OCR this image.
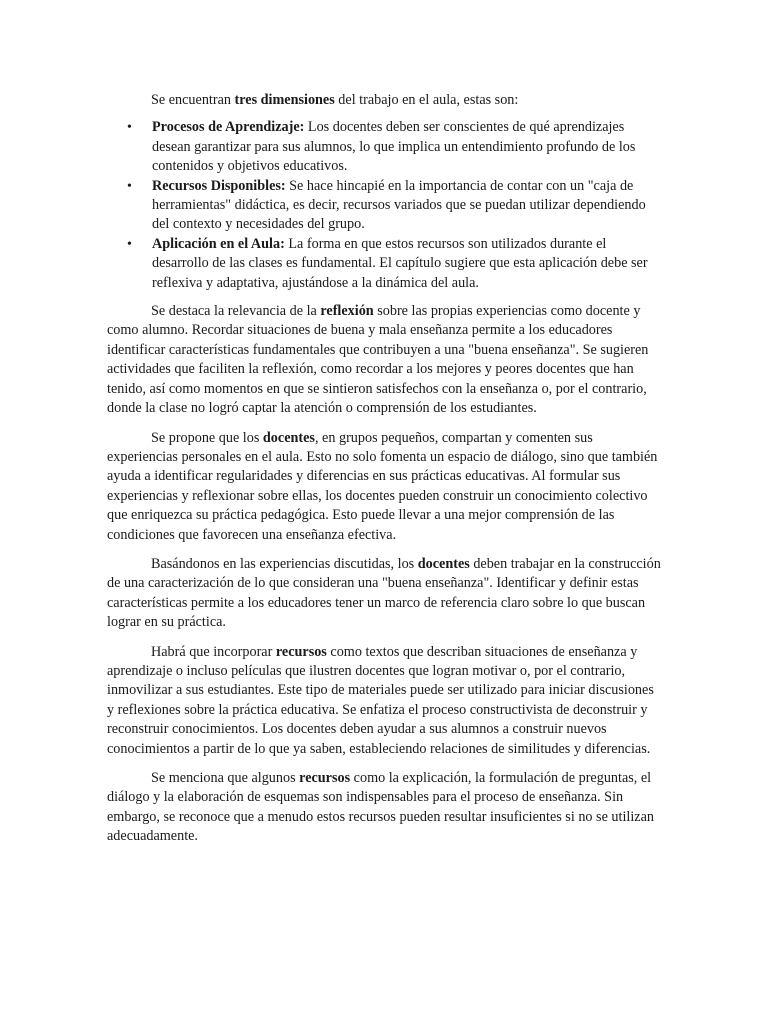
Se encuentran tres dimensiones del trabajo en el aula, estas son:

• Procesos de Aprendizaje: Los docentes deben ser conscientes de qué aprendizajes desean garantizar para sus alumnos, lo que implica un entendimiento profundo de los contenidos y objetivos educativos.
• Recursos Disponibles: Se hace hincapié en la importancia de contar con un "caja de herramientas" didáctica, es decir, recursos variados que se puedan utilizar dependiendo del contexto y necesidades del grupo.
• Aplicación en el Aula: La forma en que estos recursos son utilizados durante el desarrollo de las clases es fundamental. El capítulo sugiere que esta aplicación debe ser reflexiva y adaptativa, ajustándose a la dinámica del aula.

Se destaca la relevancia de la reflexión sobre las propias experiencias como docente y como alumno. Recordar situaciones de buena y mala enseñanza permite a los educadores identificar características fundamentales que contribuyen a una "buena enseñanza". Se sugieren actividades que faciliten la reflexión, como recordar a los mejores y peores docentes que han tenido, así como momentos en que se sintieron satisfechos con la enseñanza o, por el contrario, donde la clase no logró captar la atención o comprensión de los estudiantes.

Se propone que los docentes, en grupos pequeños, compartan y comenten sus experiencias personales en el aula. Esto no solo fomenta un espacio de diálogo, sino que también ayuda a identificar regularidades y diferencias en sus prácticas educativas. Al formular sus experiencias y reflexionar sobre ellas, los docentes pueden construir un conocimiento colectivo que enriquezca su práctica pedagógica. Esto puede llevar a una mejor comprensión de las condiciones que favorecen una enseñanza efectiva.

Basándonos en las experiencias discutidas, los docentes deben trabajar en la construcción de una caracterización de lo que consideran una "buena enseñanza". Identificar y definir estas características permite a los educadores tener un marco de referencia claro sobre lo que buscan lograr en su práctica.

Habrá que incorporar recursos como textos que describan situaciones de enseñanza y aprendizaje o incluso películas que ilustren docentes que logran motivar o, por el contrario, inmovilizar a sus estudiantes. Este tipo de materiales puede ser utilizado para iniciar discusiones y reflexiones sobre la práctica educativa. Se enfatiza el proceso constructivista de deconstruir y reconstruir conocimientos. Los docentes deben ayudar a sus alumnos a construir nuevos conocimientos a partir de lo que ya saben, estableciendo relaciones de similitudes y diferencias.

Se menciona que algunos recursos como la explicación, la formulación de preguntas, el diálogo y la elaboración de esquemas son indispensables para el proceso de enseñanza. Sin embargo, se reconoce que a menudo estos recursos pueden resultar insuficientes si no se utilizan adecuadamente.
